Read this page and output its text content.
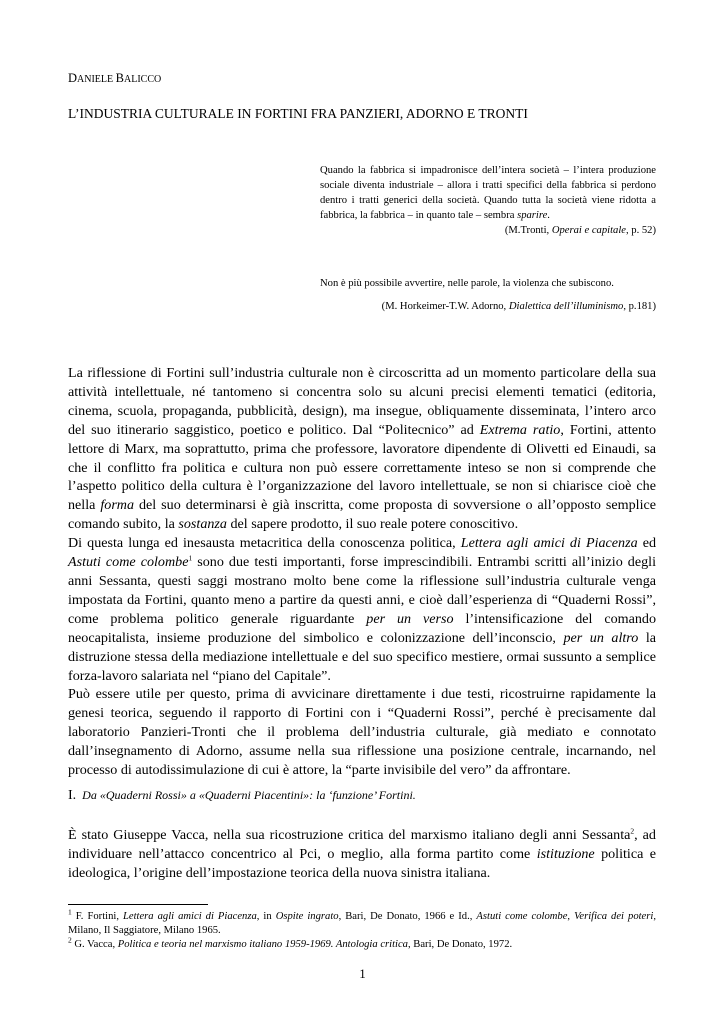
DANIELE BALICCO
L’INDUSTRIA CULTURALE IN FORTINI FRA PANZIERI, ADORNO E TRONTI
Quando la fabbrica si impadronisce dell’intera società – l’intera produzione sociale diventa industriale – allora i tratti specifici della fabbrica si perdono dentro i tratti generici della società. Quando tutta la società viene ridotta a fabbrica, la fabbrica – in quanto tale – sembra sparire.
(M.Tronti, Operai e capitale, p. 52)
Non è più possibile avvertire, nelle parole, la violenza che subiscono.
(M. Horkeimer-T.W. Adorno, Dialettica dell’illuminismo, p.181)

La riflessione di Fortini sull’industria culturale non è circoscritta ad un momento particolare della sua attività intellettuale, né tantomeno si concentra solo su alcuni precisi elementi tematici (editoria, cinema, scuola, propaganda, pubblicità, design), ma insegue, obliquamente disseminata, l’intero arco del suo itinerario saggistico, poetico e politico. Dal “Politecnico” ad Extrema ratio, Fortini, attento lettore di Marx, ma soprattutto, prima che professore, lavoratore dipendente di Olivetti ed Einaudi, sa che il conflitto fra politica e cultura non può essere correttamente inteso se non si comprende che l’aspetto politico della cultura è l’organizzazione del lavoro intellettuale, se non si chiarisce cioè che nella forma del suo determinarsi è già inscritta, come proposta di sovversione o all’opposto semplice comando subito, la sostanza del sapere prodotto, il suo reale potere conoscitivo.

Di questa lunga ed inesausta metacritica della conoscenza politica, Lettera agli amici di Piacenza ed Astuti come colombe$^1$ sono due testi importanti, forse imprescindibili. Entrambi scritti all’inizio degli anni Sessanta, questi saggi mostrano molto bene come la riflessione sull’industria culturale venga impostata da Fortini, quanto meno a partire da questi anni, e cioè dall’esperienza di “Quaderni Rossi”, come problema politico generale riguardante per un verso l’intensificazione del comando neocapitalista, insieme produzione del simbolico e colonizzazione dell’inconscio, per un altro la distruzione stessa della mediazione intellettuale e del suo specifico mestiere, ormai sussunto a semplice forza-lavoro salariata nel “piano del Capitale”.

Può essere utile per questo, prima di avvicinare direttamente i due testi, ricostruirne rapidamente la genesi teorica, seguendo il rapporto di Fortini con i “Quaderni Rossi”, perché è precisamente dal laboratorio Panzieri-Tronti che il problema dell’industria culturale, già mediato e connotato dall’insegnamento di Adorno, assume nella sua riflessione una posizione centrale, incarnando, nel processo di autodissimulazione di cui è attore, la “parte invisibile del vero” da affrontare.

I. Da «Quaderni Rossi» a «Quaderni Piacentini»: la ‘funzione’ Fortini.

È stato Giuseppe Vacca, nella sua ricostruzione critica del marxismo italiano degli anni Sessanta$^2$, ad individuare nell’attacco concentrico al Pci, o meglio, alla forma partito come istituzione politica e ideologica, l’origine dell’impostazione teorica della nuova sinistra italiana.

$^1$ F. Fortini, Lettera agli amici di Piacenza, in Ospite ingrato, Bari, De Donato, 1966 e Id., Astuti come colombe, Verifica dei poteri, Milano, Il Saggiatore, Milano 1965.

$^2$ G. Vacca, Politica e teoria nel marxismo italiano 1959-1969. Antologia critica, Bari, De Donato, 1972.

1
